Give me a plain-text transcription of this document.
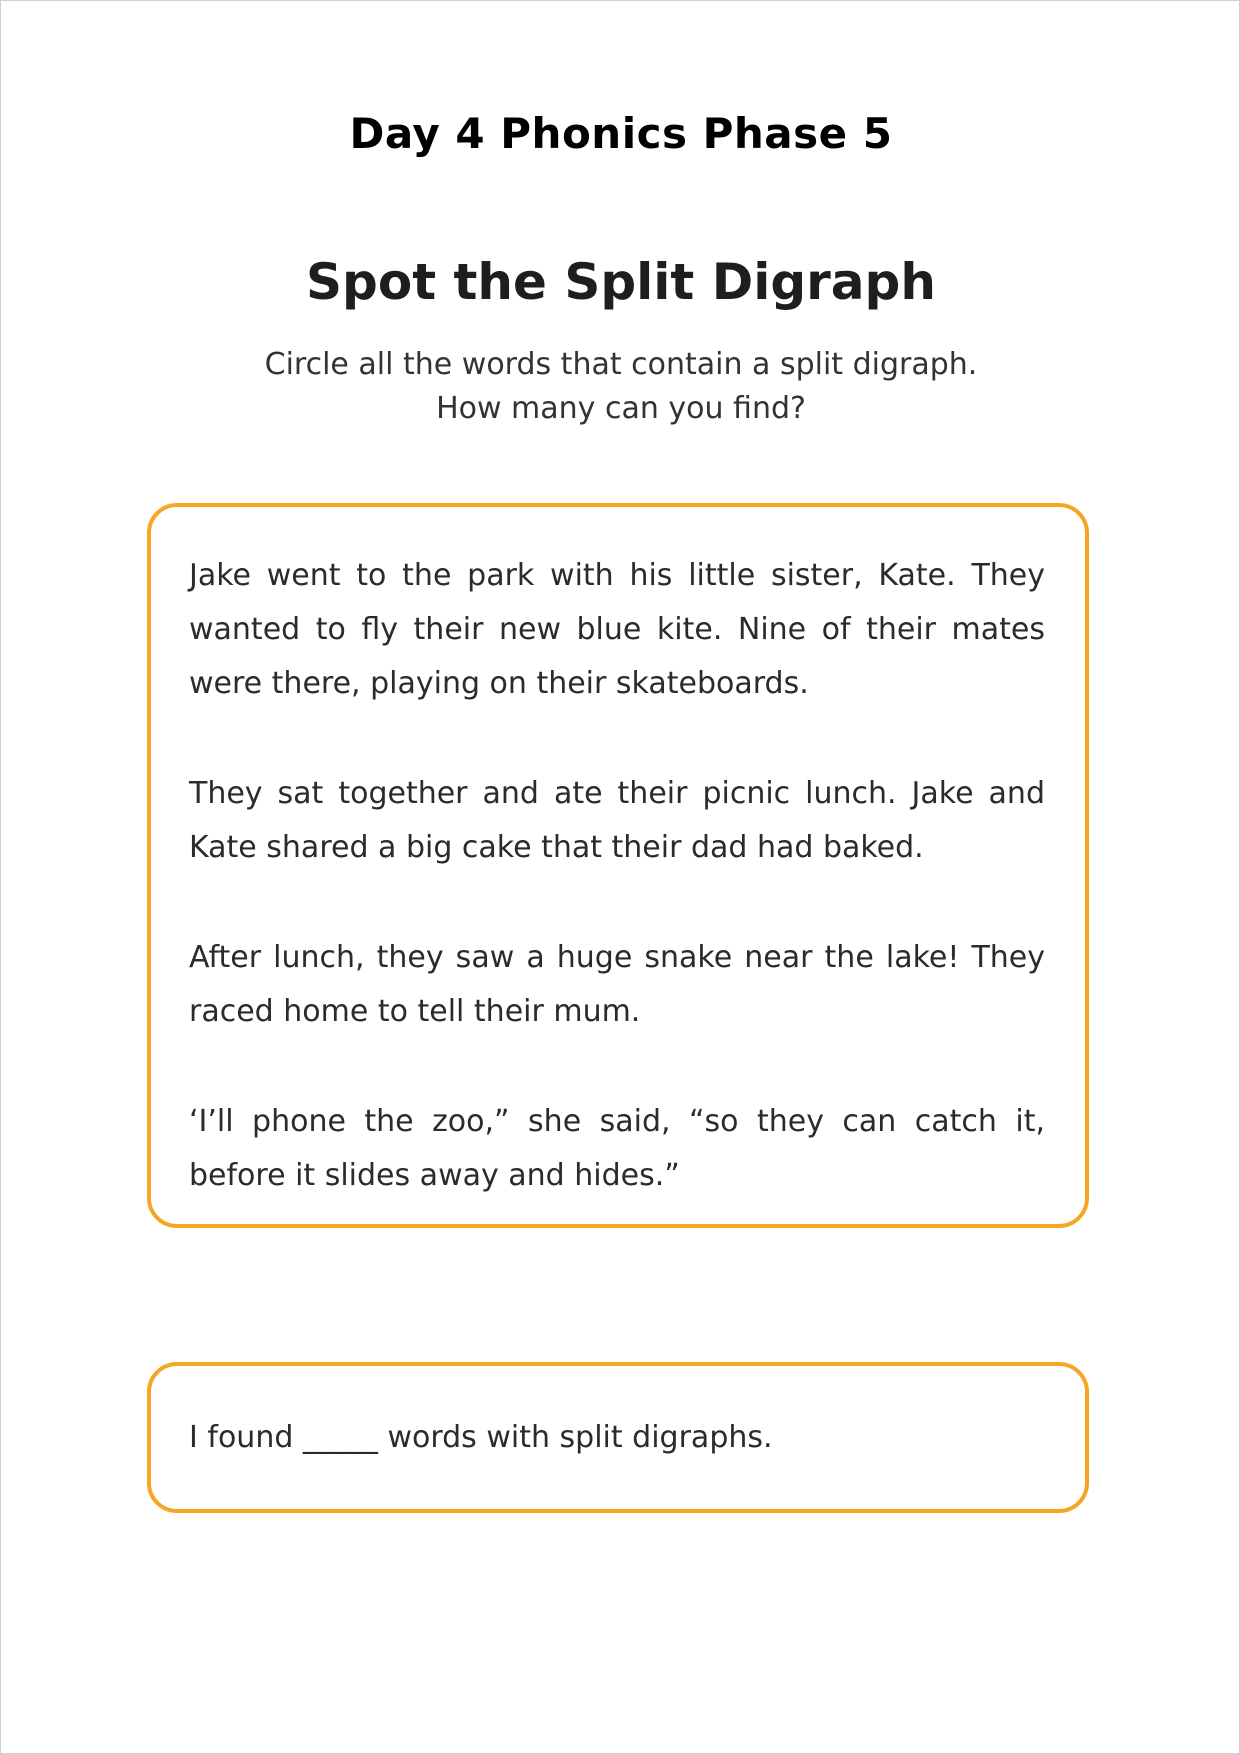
Day 4 Phonics Phase 5
Spot the Split Digraph
Circle all the words that contain a split digraph.
How many can you find?

Jake went to the park with his little sister, Kate. They wanted to fly their new blue kite. Nine of their mates were there, playing on their skateboards.

They sat together and ate their picnic lunch. Jake and Kate shared a big cake that their dad had baked.

After lunch, they saw a huge snake near the lake! They raced home to tell their mum.

‘I’ll phone the zoo,” she said, “so they can catch it, before it slides away and hides.”

I found _____ words with split digraphs.
